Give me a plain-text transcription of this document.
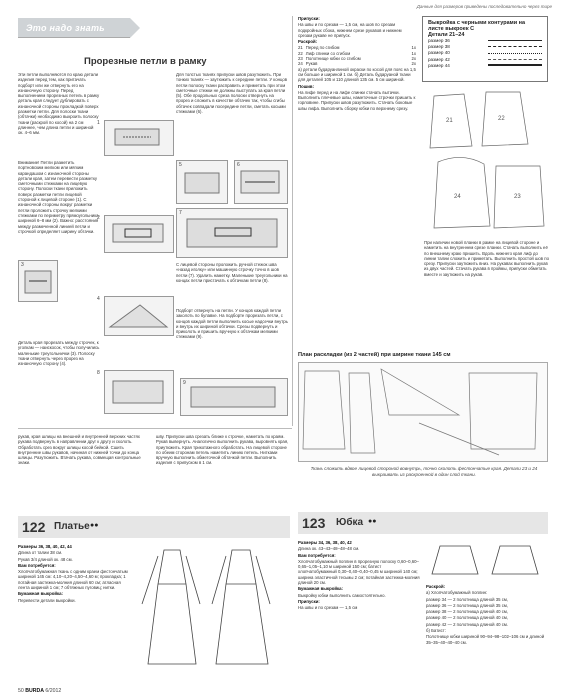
Данные для размеров приведены последовательно через тире
Это надо знать
Прорезные петли в рамку

Эти петли выполняются по краю детали изделия перед тем, как притачать подборт или же отвернуть его на изнаночную сторону. Перед выполнением прорезных петель в рамку деталь края следует дублировать с изнаночной стороны прокладкой поверх разметки петли. Для полоски ткани (обтачки) необходимо выкроить полоску ткани (раскрой по косой) на 2 см длиннее, чем длина петли и шириной ок. 4–6 мм.

Для толстых тканях припуски швов разутюжить. При тонких тканях — заутюжить к середине петли. У концов петли полоску ткани расправить и приметать при этом сметочные стежки не должны выступать за края петли (5). Обе продольных среза полоски отвернуть на прорез и сложить в качестве обтачек так, чтобы сгибы обтачек совпадали посередине петли, сметать косыми стежками (6).

1

Внимание! Петли разметить портновским мелком или мягким карандашом с изнаночной стороны детали края, затем перевести разметку сметочными стежками на лицевую сторону. Полоски ткани приложить поверх разметки петли лицевой стороной к лицевой стороне (1). С изнаночной стороны вокруг разметки петли проложить строчку мелкими стежками по периметру прямоугольника шириной 6–8 мм (2). Важно: расстояния между размеченной линией петли и строчкой определяет ширину обтачки.

2
3
4
5	6
7

С лицевой стороны проложить ручной стежок шва «назад иголку» или машинную строчку точно в шов петли (7). Удалить наметку. Маленькие треугольники на концах петли пристачать к обтачкам петли (8).

Деталь края прорезать между строчек, к уголкам — наискосок, чтобы получились маленькие треугольнички (3). Полоску ткани отвернуть через прорез на изнаночную сторону (4).

8

Подборт отвернуть на петли. У концов каждой петли заколоть по булавке. На подборте прорезать петли, с концов каждой петли выполнить косые надсечки внутрь и внутрь их шириной обтачки. Срезы подвернуть и приколоть и пришить вручную к обтачкам мелкими стежками (9).

9

Припуски:

На швы и по срезам — 1,5 см, на шов по срезам подкройных сбока, нижнем срезе рукавов и нижнем срезам рукаве не припуск.

Раскрой:

21 Перед по сгибом	1х
22 Лиф спинки со сгибом	1х
23 Полотнище юбки со сгибом	2х
24 Рукав	2х

а) детали бударуанлиной окраски по косой для пояс на 1,5 см больше и шириной 1 см. б) Деталь бударуаной ткани для деталей 105 и 110 длиной 135 см. 5 см шириной.

Пошив:

На лифе перед и на лифе спинки стачать вытачки. Выполнить плечевые швы, наметочные строчки пришить к горловине. Припуски швов разутюжить. Стачать боковые швы лифа. Выполнить сборку юбки по верхнему срезу.

Выкройка с черными контурами на листе выкроек С
Детали 21–24
размер 36
размер 38
размер 40
размер 42
размер 44
21	22
24	23

При наличии новой планки в рамке на лицевой стороне и наметить на внутреннем срезе планки. Стачать выполнить её по внешнему краю пришить. Вдоль нижнего края лиф до линии талии сложить и приметать. Выполнить простой шов по срезу. Припуски заутюжить вниз. На рукавах выполнить рукав из двух частей. Стачать рукава в проймы, припуски обметать вместе и заутюжить на рукав.

План раскладки (из 2 частей) при ширине ткани 145 см
Ткань сложить вдвое лицевой стороной вовнутрь, точно сколоть фестончатые края. Детали 23 и 24 выкраивать из раскроенной в один слой ткани.

рукав, края шлицы на внешней и внутренней верхних частях рукава подвернуть в направлении друг к другу и сколоть. Обработать срез вокруг шлицы косой бейкой. Сшить внутренние швы рукавов, начиная от нижней точки до конца шлицы. Разутюжить. Втачать рукава, совмещая контрольные знаки.

шву. Припуски шва срезать ближе к строчке, наметать по краям. Рукав вывернуть. Аналогично выполнить рукава, выровнять края, приутюжить. Края трикотажного обработать. На лицевой стороне по обеим сторонам петель наметить линию петель. Нитками вручную выполнить обметочной обтачкой петли. Выполнить изделия с припуском в 1 см.

122 Платье ●●

Размеры 36, 38, 40, 42, 44

Длина от талии 38 см.

Рукав 3/4 длиной ок. 48 см.

Вам потребуется:

Хлопчатобумажная ткань с одним краем фестончатым шириной 145 см: 4,10–4,20–4,50–4,60 м; прокладка; 1 потайная застежка-молния длиной 60 см; атласная лента шириной 1 см; 7 обтяжных пуговиц; нитки.

Бумажная выкройка:

Перевести детали выкройки.

123 Юбка ●●

Размеры 34, 36, 38, 40, 42

Длина ок. 43–43–48–48–48 см.

Вам потребуется:

Хлопчатобумажный поплин в прорезную полоску 0,60–0,60–0,65–1,05–1,10 м шириной 150 см; батист хлопчатобумажный 0,30–0,40–0,40–0,45 м шириной 140 см; ширина эластичной тесьмы 2 см; потайная застежка-молния длиной 20 см.

Бумажная выкройка:

Выкройку юбки выполнить самостоятельно.

Припуски:

На швы и по срезам — 1,5 см

Раскрой:

а) Хлопчатобумажный поплин:

размер 34 — 2 полотнища длиной 35 см,

размер 36 — 2 полотнища длиной 35 см,

размер 38 — 2 полотнища длиной 40 см,

размер 40 — 2 полотнища длиной 40 см,

размер 42 — 2 полотнища длиной 40 см.

б) Батист:

Полотнище юбки шириной 90–94–98–102–106 см и длиной 35–35–40–40–40 см.

50 BURDA 6/2012
